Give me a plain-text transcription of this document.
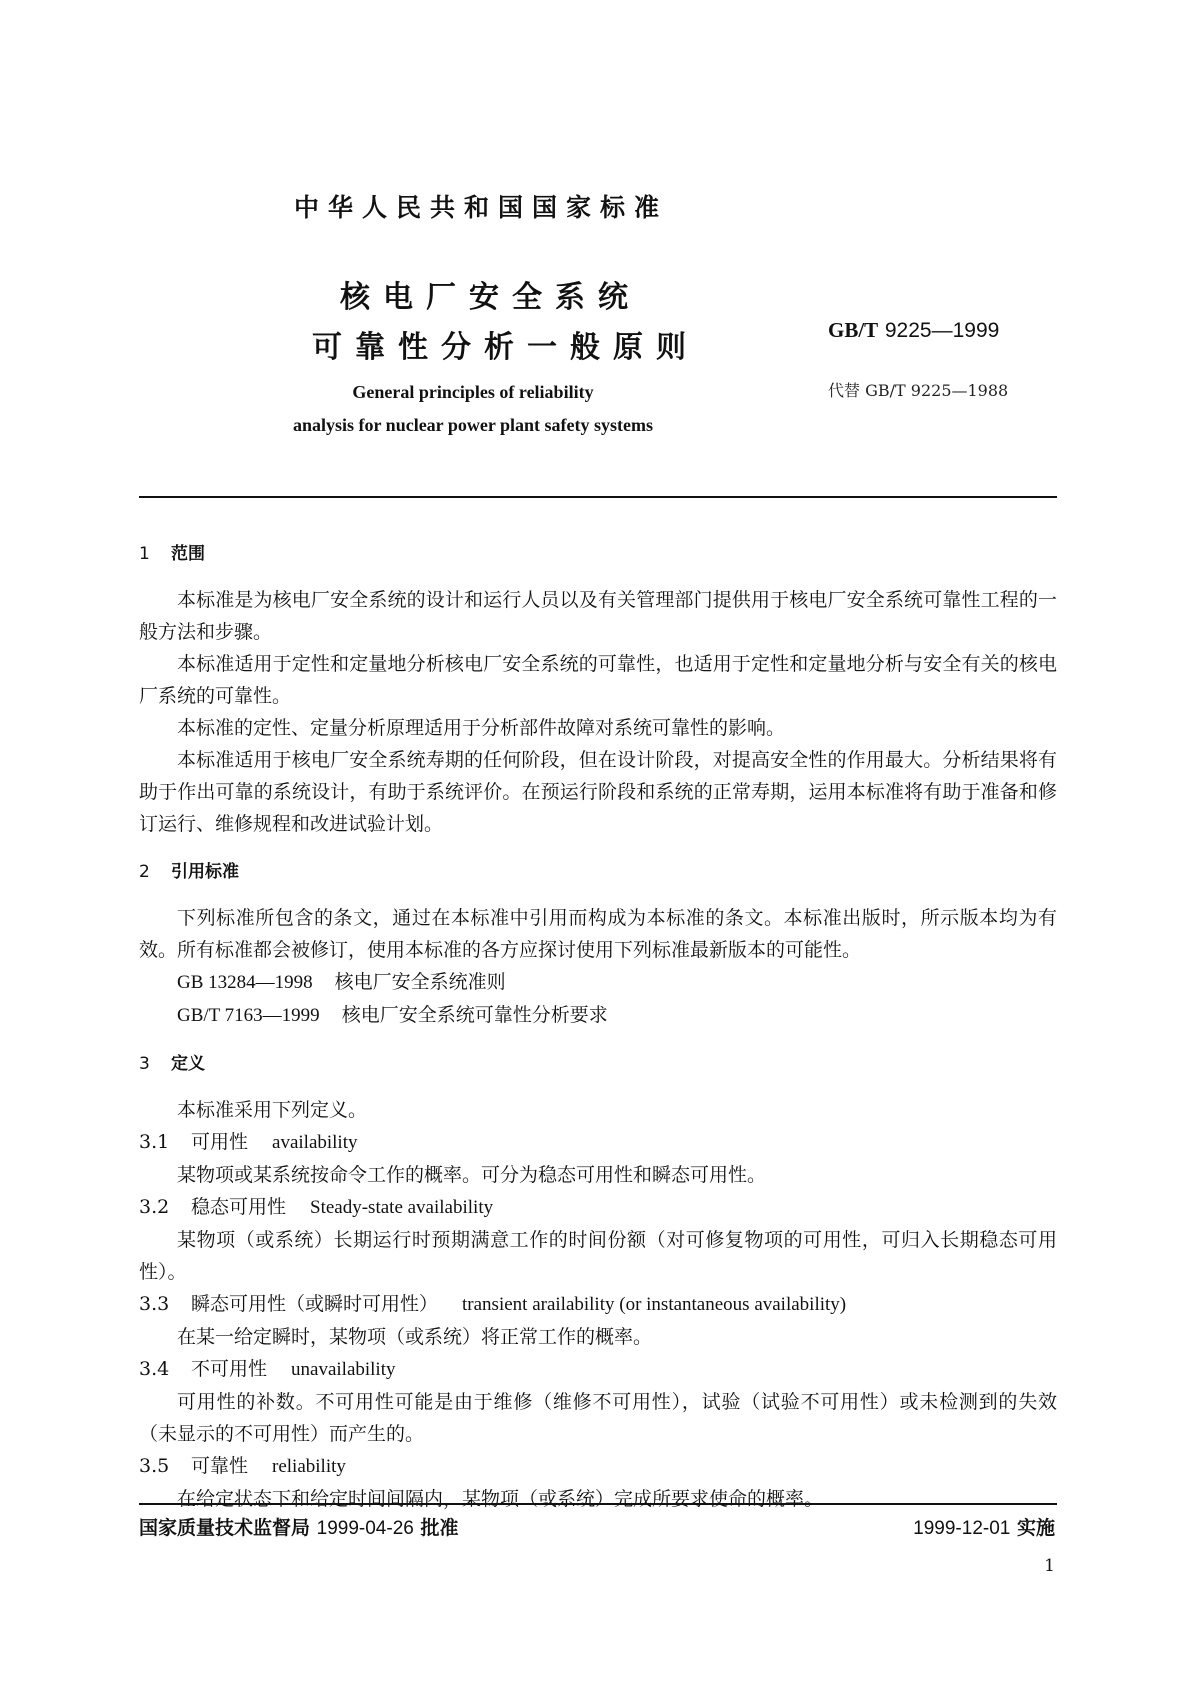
中华人民共和国国家标准
核电厂安全系统
可靠性分析一般原则	GB/T 9225—1999
代替 GB/T 9225—1988
General principles of reliability
analysis for nuclear power plant safety systems
1 范围

本标准是为核电厂安全系统的设计和运行人员以及有关管理部门提供用于核电厂安全系统可靠性工程的一般方法和步骤。

本标准适用于定性和定量地分析核电厂安全系统的可靠性，也适用于定性和定量地分析与安全有关的核电厂系统的可靠性。

本标准的定性、定量分析原理适用于分析部件故障对系统可靠性的影响。

本标准适用于核电厂安全系统寿期的任何阶段，但在设计阶段，对提高安全性的作用最大。分析结果将有助于作出可靠的系统设计，有助于系统评价。在预运行阶段和系统的正常寿期，运用本标准将有助于准备和修订运行、维修规程和改进试验计划。

2 引用标准

下列标准所包含的条文，通过在本标准中引用而构成为本标准的条文。本标准出版时，所示版本均为有效。所有标准都会被修订，使用本标准的各方应探讨使用下列标准最新版本的可能性。

GB 13284—1998 核电厂安全系统准则

GB/T 7163—1999 核电厂安全系统可靠性分析要求

3 定义

本标准采用下列定义。

3.1 可用性 availability

某物项或某系统按命令工作的概率。可分为稳态可用性和瞬态可用性。

3.2 稳态可用性 Steady-state availability

某物项（或系统）长期运行时预期满意工作的时间份额（对可修复物项的可用性，可归入长期稳态可用性）。

3.3 瞬态可用性（或瞬时可用性） transient arailability (or instantaneous availability)

在某一给定瞬时，某物项（或系统）将正常工作的概率。

3.4 不可用性 unavailability

可用性的补数。不可用性可能是由于维修（维修不可用性），试验（试验不可用性）或未检测到的失效（未显示的不可用性）而产生的。

3.5 可靠性 reliability

在给定状态下和给定时间间隔内，某物项（或系统）完成所要求使命的概率。

国家质量技术监督局 1999-04-26 批准	1999-12-01 实施
1
